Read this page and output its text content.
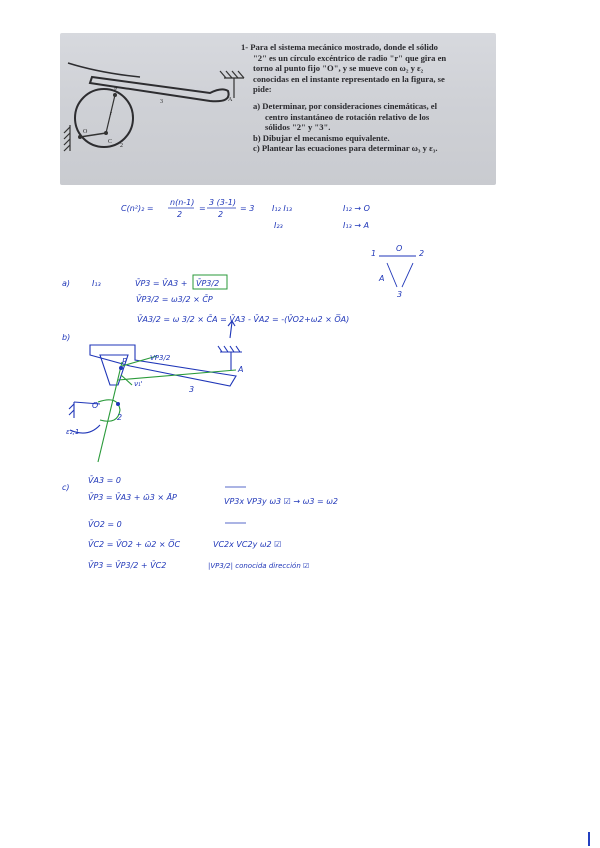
O
C
P
r
2
3	A

1- Para el sistema mecánico mostrado, donde el sólido

"2" es un círculo excéntrico de radio "r" que gira en

torno al punto fijo "O", y se mueve con ω₂ y ε₂

conocidas en el instante representado en la figura, se

pide:

a) Determinar, por consideraciones cinemáticas, el

centro instantáneo de rotación relativo de los

sólidos "2" y "3".

b) Dibujar el mecanismo equivalente.

c) Plantear las ecuaciones para determinar ω₃ y ε₃.

C(n²)₂ =
n(n-1)
2
=
3 (3-1)
2
= 3 I₁₂ I₁₃
I₂₃
I₁₂ → O
I₁₃ → A
1
O
2
A
3
a)	I₁₃	V̄P3 = V̄A3 + V̄P3/2
V̄P3/2 = ω3/2 × C̄P
V̄A3/2 = ω 3/2 × C̄A = V̄A3 - V̄A2 = -(V̄O2+ω2 × O̅A)
b)
A
P
O
2
3
VP3/2
ν₁'
ε₂,1
c)
V̄A3 = 0
V̄P3 = V̄A3 + ω̄3 × ĀP	VP3x VP3y ω3 ☑ → ω3 = ω2
V̄O2 = 0
V̄C2 = V̄O2 + ω̄2 × O̅C	VC2x VC2y ω2 ☑
V̄P3 = V̄P3/2 + V̄C2	|VP3/2| conocida dirección ☑
